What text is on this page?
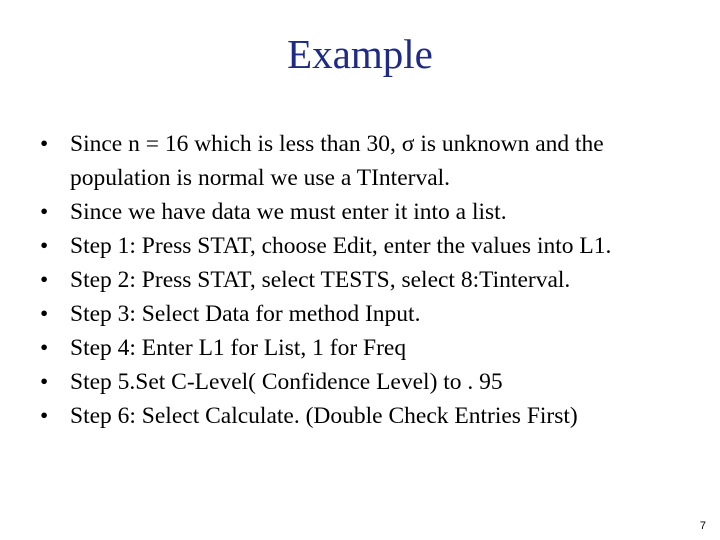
Example
• Since n = 16 which is less than 30, σ is unknown and the population is normal we use a TInterval.
• Since we have data we must enter it into a list.
• Step 1: Press STAT, choose Edit, enter the values into L1.
• Step 2: Press STAT, select TESTS, select 8:Tinterval.
• Step 3: Select Data for method Input.
• Step 4: Enter L1 for List, 1 for Freq
• Step 5.Set C-Level( Confidence Level) to . 95
• Step 6: Select Calculate. (Double Check Entries First)
7
